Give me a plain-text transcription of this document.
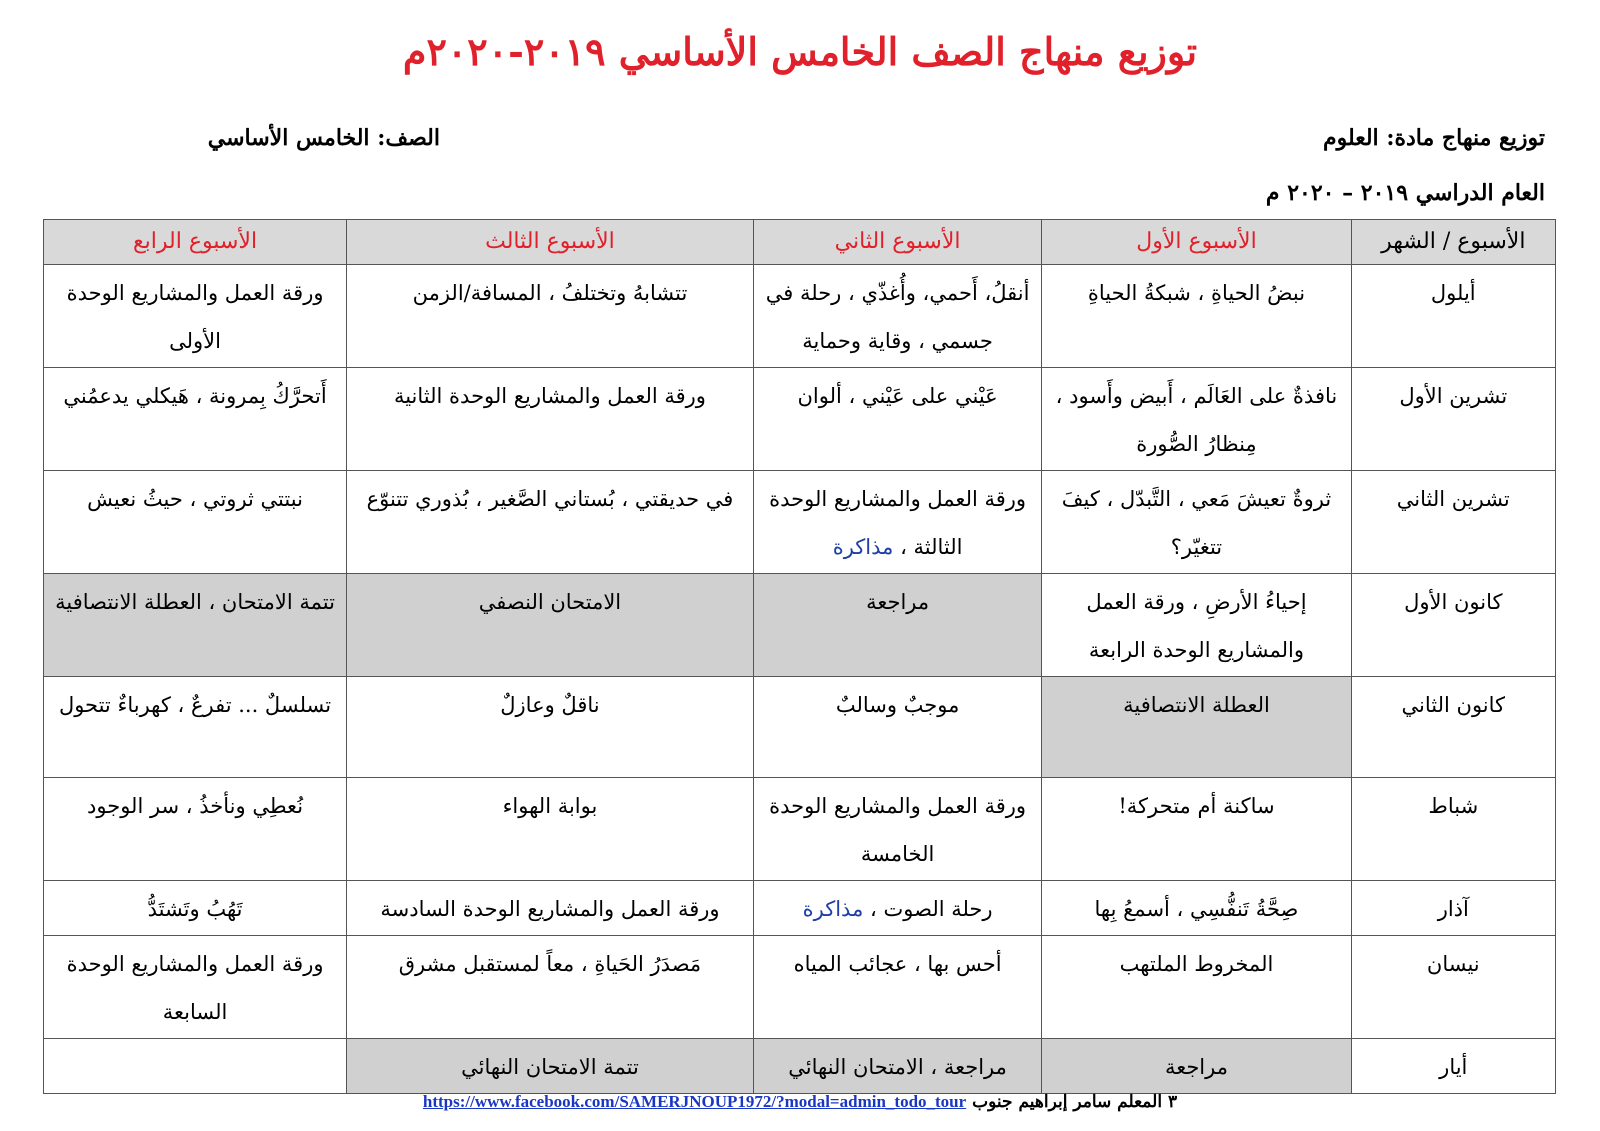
توزيع منهاج الصف الخامس الأساسي ٢٠١٩-٢٠٢٠م
توزيع منهاج مادة: العلوم
الصف: الخامس الأساسي
العام الدراسي ٢٠١٩ – ٢٠٢٠ م
الأسبوع / الشهر	الأسبوع الأول	الأسبوع الثاني	الأسبوع الثالث	الأسبوع الرابع
أيلول	نبضُ الحياةِ ، شبكةُ الحياةِ	أنقلُ، أَحمي، وأُغذّي ، رحلة في جسمي ، وقاية وحماية	تتشابهُ وتختلفُ ، المسافة/الزمن	ورقة العمل والمشاريع الوحدة الأولى
تشرين الأول	نافذةٌ على العَالَم ، أَبيض وأَسود ، مِنظارُ الصُّورة	عَيْني على عَيْني ، ألوان	ورقة العمل والمشاريع الوحدة الثانية	أَتحرَّكُ بِمرونة ، هَيكلي يدعمُني
تشرين الثاني	ثروةٌ تعيشَ مَعي ، التَّبدّل ، كيفَ تتغيّر؟	ورقة العمل والمشاريع الوحدة الثالثة ، مذاكرة	في حديقتي ، بُستاني الصَّغير ، بُذوري تتنوّع	نبتتي ثروتي ، حيثُ نعيش
كانون الأول	إحياءُ الأرضِ ، ورقة العمل والمشاريع الوحدة الرابعة	مراجعة	الامتحان النصفي	تتمة الامتحان ، العطلة الانتصافية
كانون الثاني	العطلة الانتصافية	موجبٌ وسالبٌ	ناقلٌ وعازلٌ	تسلسلٌ ... تفرعٌ ، كهرباءٌ تتحول
شباط	ساكنة أم متحركة!	ورقة العمل والمشاريع الوحدة الخامسة	بوابة الهواء	نُعطِي ونأخذُ ، سر الوجود
آذار	صِحَّةُ تَنفُّسِي ، أسمعُ بِها	رحلة الصوت ، مذاكرة	ورقة العمل والمشاريع الوحدة السادسة	تَهُبُ وتَشتَدُّ
نيسان	المخروط الملتهب	أحس بها ، عجائب المياه	مَصدَرُ الحَياةِ ، معاً لمستقبل مشرق	ورقة العمل والمشاريع الوحدة السابعة
أيار	مراجعة	مراجعة ، الامتحان النهائي	تتمة الامتحان النهائي	
٣ المعلم سامر إبراهيم جنوب https://www.facebook.com/SAMERJNOUP1972/?modal=admin_todo_tour
